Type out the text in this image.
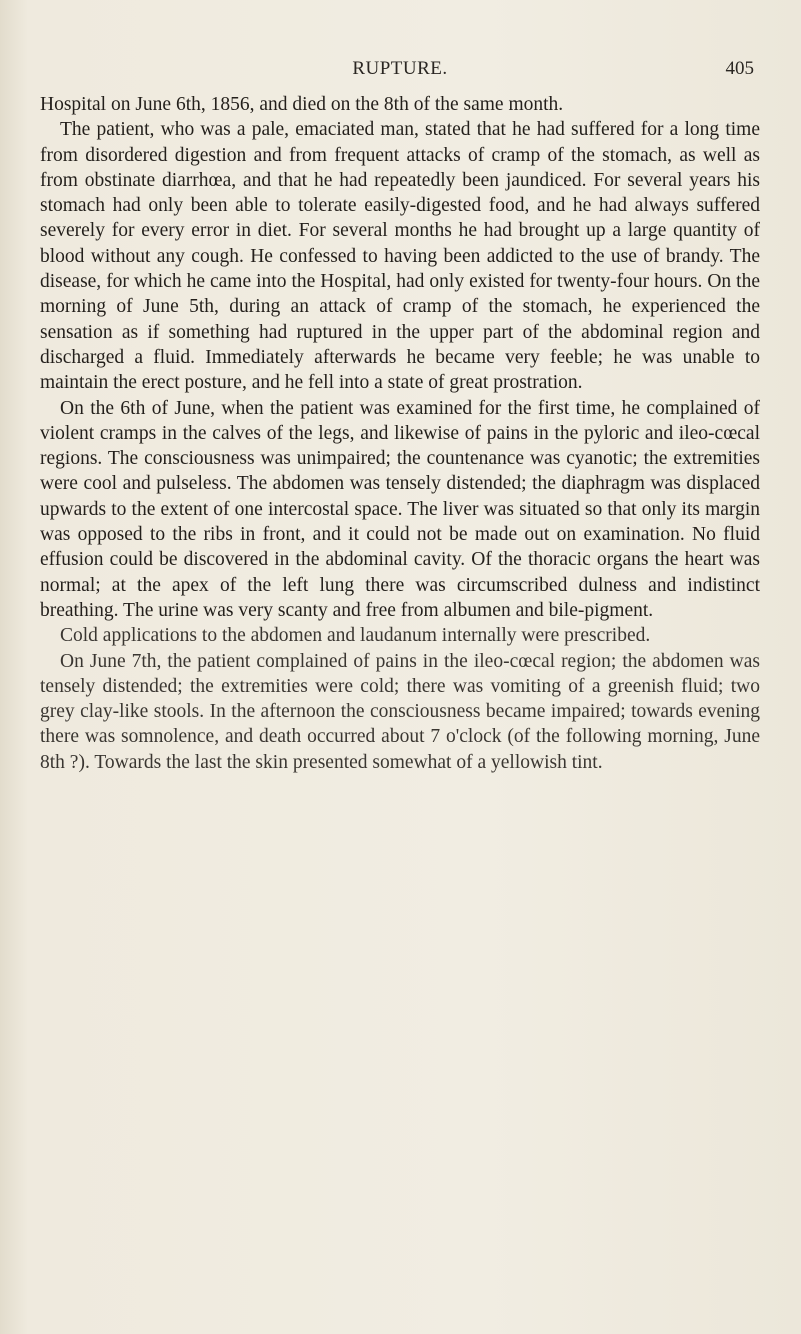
RUPTURE.	405

Hospital on June 6th, 1856, and died on the 8th of the same month.

The patient, who was a pale, emaciated man, stated that he had suffered for a long time from disordered digestion and from frequent attacks of cramp of the stomach, as well as from obstinate diarrhœa, and that he had repeatedly been jaundiced. For several years his stomach had only been able to tolerate easily-digested food, and he had always suffered severely for every error in diet. For several months he had brought up a large quantity of blood without any cough. He confessed to having been addicted to the use of brandy. The disease, for which he came into the Hospital, had only existed for twenty-four hours. On the morning of June 5th, during an attack of cramp of the stomach, he experienced the sensation as if something had ruptured in the upper part of the abdominal region and discharged a fluid. Immediately afterwards he became very feeble; he was unable to maintain the erect posture, and he fell into a state of great prostration.

On the 6th of June, when the patient was examined for the first time, he complained of violent cramps in the calves of the legs, and likewise of pains in the pyloric and ileo-cœcal regions. The consciousness was unimpaired; the countenance was cyanotic; the extremities were cool and pulseless. The abdomen was tensely distended; the diaphragm was displaced upwards to the extent of one intercostal space. The liver was situated so that only its margin was opposed to the ribs in front, and it could not be made out on examination. No fluid effusion could be discovered in the abdominal cavity. Of the thoracic organs the heart was normal; at the apex of the left lung there was circumscribed dulness and indistinct breathing. The urine was very scanty and free from albumen and bile-pigment.

Cold applications to the abdomen and laudanum internally were prescribed.

On June 7th, the patient complained of pains in the ileo-cœcal region; the abdomen was tensely distended; the extremities were cold; there was vomiting of a greenish fluid; two grey clay-like stools. In the afternoon the consciousness became impaired; towards evening there was somnolence, and death occurred about 7 o'clock (of the following morning, June 8th ?). Towards the last the skin presented somewhat of a yellowish tint.
